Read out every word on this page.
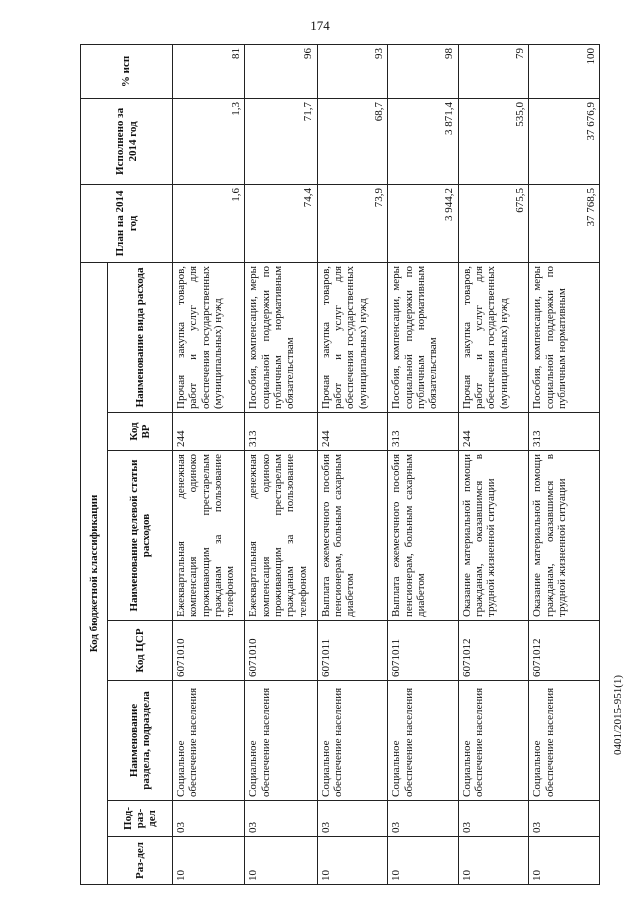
174
0401/2015-951(1)
Код бюджетной классификации							План на 2014 год	Исполнено за 2014 год	% исп
Раз-дел	Под-раз-дел	Наименование раздела, подраздела	Код ЦСР	Наименование целевой статьи расходов	Код ВР	Наименование вида расхода			
10	03	Социальное обеспечение населения	6071010	Ежеквартальная денежная компенсация одиноко проживающим престарелым гражданам за пользование телефоном	244	Прочая закупка товаров, работ и услуг для обеспечения государственных (муниципальных) нужд	1,6	1,3	81
10	03	Социальное обеспечение населения	6071010	Ежеквартальная денежная компенсация одиноко проживающим престарелым гражданам за пользование телефоном	313	Пособия, компенсации, меры социальной поддержки по публичным нормативным обязательствам	74,4	71,7	96
10	03	Социальное обеспечение населения	6071011	Выплата ежемесячного пособия пенсионерам, больным сахарным диабетом	244	Прочая закупка товаров, работ и услуг для обеспечения государственных (муниципальных) нужд	73,9	68,7	93
10	03	Социальное обеспечение населения	6071011	Выплата ежемесячного пособия пенсионерам, больным сахарным диабетом	313	Пособия, компенсации, меры социальной поддержки по публичным нормативным обязательствам	3 944,2	3 871,4	98
10	03	Социальное обеспечение населения	6071012	Оказание материальной помощи гражданам, оказавшимся в трудной жизненной ситуации	244	Прочая закупка товаров, работ и услуг для обеспечения государственных (муниципальных) нужд	675,5	535,0	79
10	03	Социальное обеспечение населения	6071012	Оказание материальной помощи гражданам, оказавшимся в трудной жизненной ситуации	313	Пособия, компенсации, меры социальной поддержки по публичным нормативным	37 768,5	37 676,9	100
